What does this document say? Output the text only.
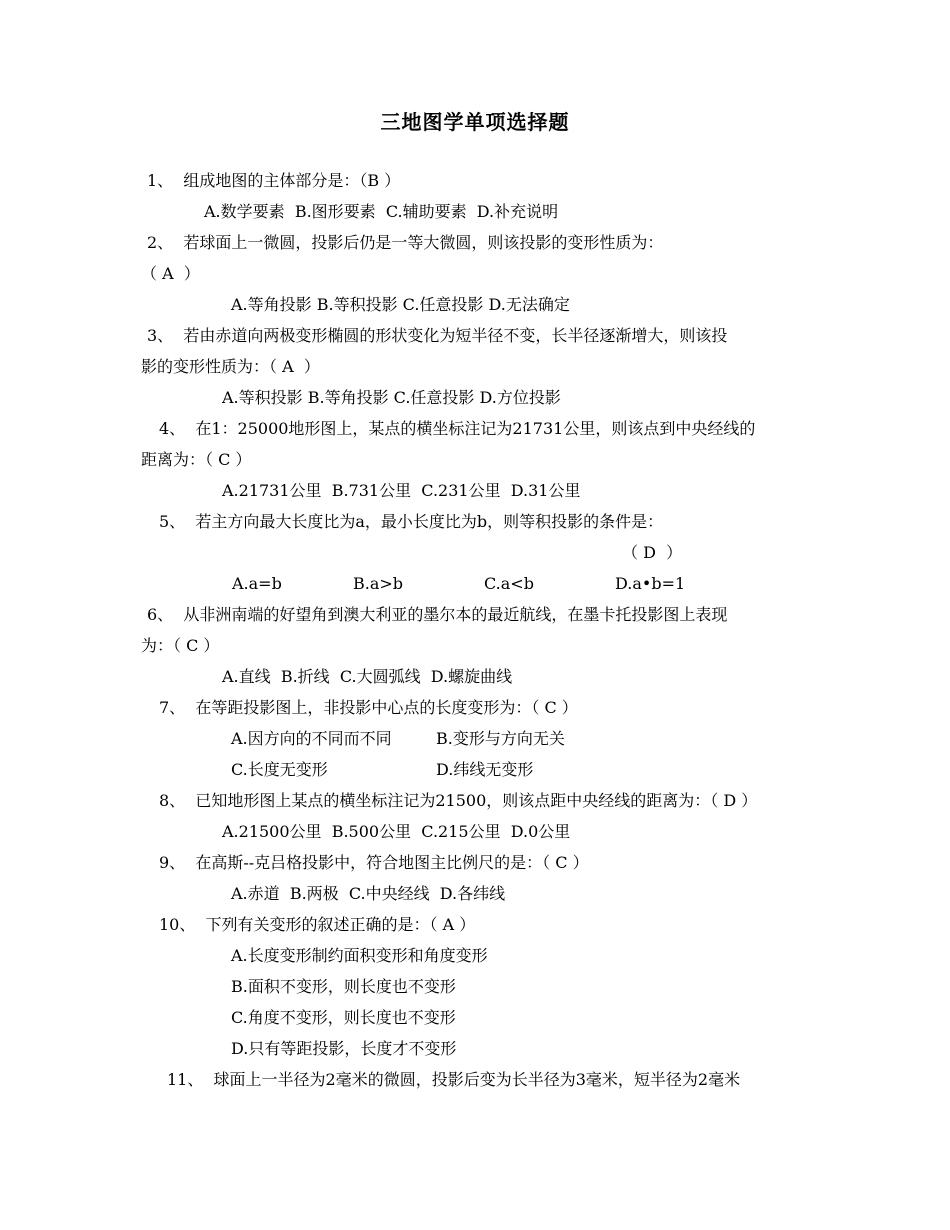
三地图学单项选择题
1、  组成地图的主体部分是：（B ）
A.数学要素  B.图形要素  C.辅助要素  D.补充说明
2、  若球面上一微圆，投影后仍是一等大微圆，则该投影的变形性质为：
（ A  ）
A.等角投影 B.等积投影 C.任意投影 D.无法确定
3、  若由赤道向两极变形椭圆的形状变化为短半径不变，长半径逐渐增大，则该投
影的变形性质为：（ A  ）
A.等积投影 B.等角投影 C.任意投影 D.方位投影
4、  在1：25000地形图上，某点的横坐标注记为21731公里，则该点到中央经线的
距离为：（ C ）
A.21731公里  B.731公里  C.231公里  D.31公里
5、  若主方向最大长度比为a，最小长度比为b，则等积投影的条件是：
（ D  ）
A.a=b	B.a>b	C.a<b	D.a•b=1
6、  从非洲南端的好望角到澳大利亚的墨尔本的最近航线，在墨卡托投影图上表现
为：（ C ）
A.直线  B.折线  C.大圆弧线  D.螺旋曲线
7、  在等距投影图上，非投影中心点的长度变形为：（ C ）
A.因方向的不同而不同	B.变形与方向无关
C.长度无变形	D.纬线无变形
8、  已知地形图上某点的横坐标注记为21500，则该点距中央经线的距离为：（ D ）
A.21500公里  B.500公里  C.215公里  D.0公里
9、  在高斯--克吕格投影中，符合地图主比例尺的是：（ C ）
A.赤道  B.两极  C.中央经线  D.各纬线
10、  下列有关变形的叙述正确的是：（ A ）
A.长度变形制约面积变形和角度变形
B.面积不变形，则长度也不变形
C.角度不变形，则长度也不变形
D.只有等距投影，长度才不变形
11、  球面上一半径为2毫米的微圆，投影后变为长半径为3毫米，短半径为2毫米
